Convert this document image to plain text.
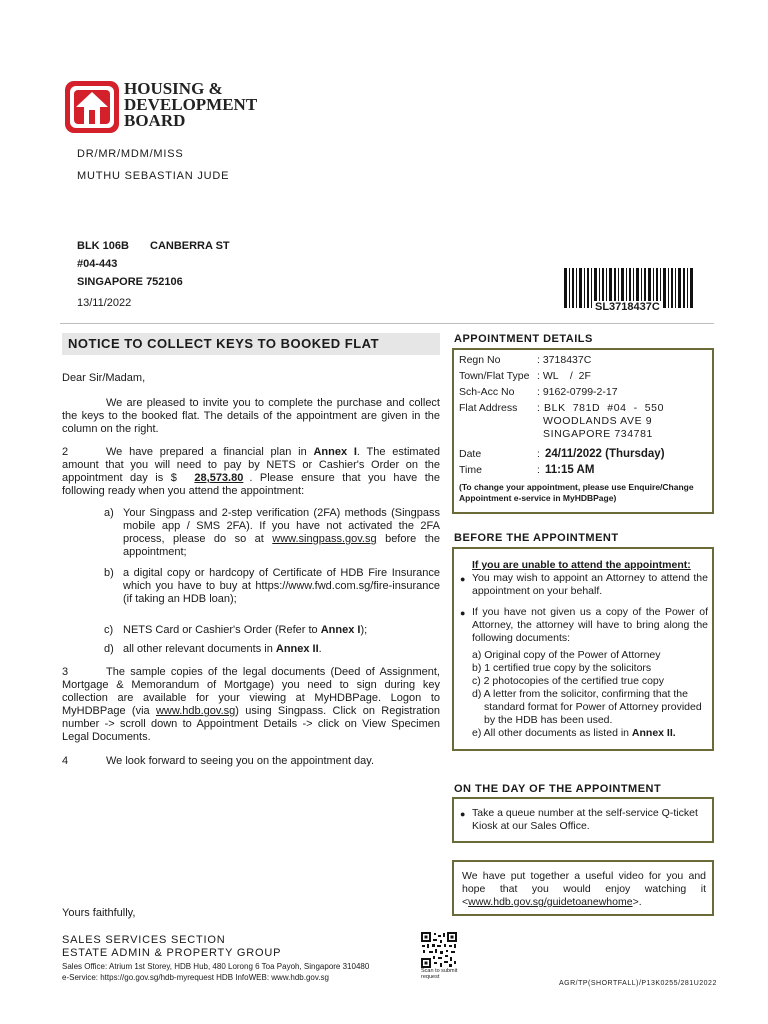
HOUSING &
DEVELOPMENT
BOARD
DR/MR/MDM/MISS
MUTHU SEBASTIAN JUDE
BLK 106B CANBERRA ST
#04-443
SINGAPORE 752106
13/11/2022	SL3718437C
NOTICE TO COLLECT KEYS TO BOOKED FLAT
Dear Sir/Madam,
We are pleased to invite you to complete the purchase and collect the keys to the booked flat. The details of the appointment are given in the column on the right.
2	We have prepared a financial plan in Annex I. The estimated amount that you will need to pay by NETS or Cashier's Order on the appointment day is $ 28,573.80 . Please ensure that you have the following ready when you attend the appointment:
a) Your Singpass and 2-step verification (2FA) methods (Singpass mobile app / SMS 2FA). If you have not activated the 2FA process, please do so at www.singpass.gov.sg before the appointment;
b) a digital copy or hardcopy of Certificate of HDB Fire Insurance which you have to buy at https://www.fwd.com.sg/fire-insurance (if taking an HDB loan);
c) NETS Card or Cashier's Order (Refer to Annex I);
d) all other relevant documents in Annex II.
3	The sample copies of the legal documents (Deed of Assignment, Mortgage & Memorandum of Mortgage) you need to sign during key collection are available for your viewing at MyHDBPage. Logon to MyHDBPage (via www.hdb.gov.sg) using Singpass. Click on Registration number -> scroll down to Appointment Details -> click on View Specimen Legal Documents.
4	We look forward to seeing you on the appointment day.
Yours faithfully,
APPOINTMENT DETAILS
Regn No	: 3718437C
Town/Flat Type : WL    /  2F
Sch-Acc No : 9162-0799-2-17
Flat Address : BLK  781D  #04  -  550
WOODLANDS AVE 9
SINGAPORE 734781
Date	: 24/11/2022 (Thursday)
Time	: 11:15 AM
(To change your appointment, please use Enquire/Change Appointment e-service in MyHDBPage)
BEFORE THE APPOINTMENT
If you are unable to attend the appointment:
● You may wish to appoint an Attorney to attend the appointment on your behalf.
● If you have not given us a copy of the Power of Attorney, the attorney will have to bring along the following documents:
a) Original copy of the Power of Attorney
b) 1 certified true copy by the solicitors
c) 2 photocopies of the certified true copy
d) A letter from the solicitor, confirming that the standard format for Power of Attorney provided by the HDB has been used.
e) All other documents as listed in Annex II.
ON THE DAY OF THE APPOINTMENT
● Take a queue number at the self-service Q-ticket Kiosk at our Sales Office.
We have put together a useful video for you and hope that you would enjoy watching it <www.hdb.gov.sg/guidetoanewhome>.
SALES SERVICES SECTION
ESTATE ADMIN & PROPERTY GROUP
Sales Office: Atrium 1st Storey, HDB Hub, 480 Lorong 6 Toa Payoh, Singapore 310480
e-Service: https://go.gov.sg/hdb-myrequest HDB InfoWEB: www.hdb.gov.sg
Scan to submit request
AGR/TP(SHORTFALL)/P13K0255/281U2022
